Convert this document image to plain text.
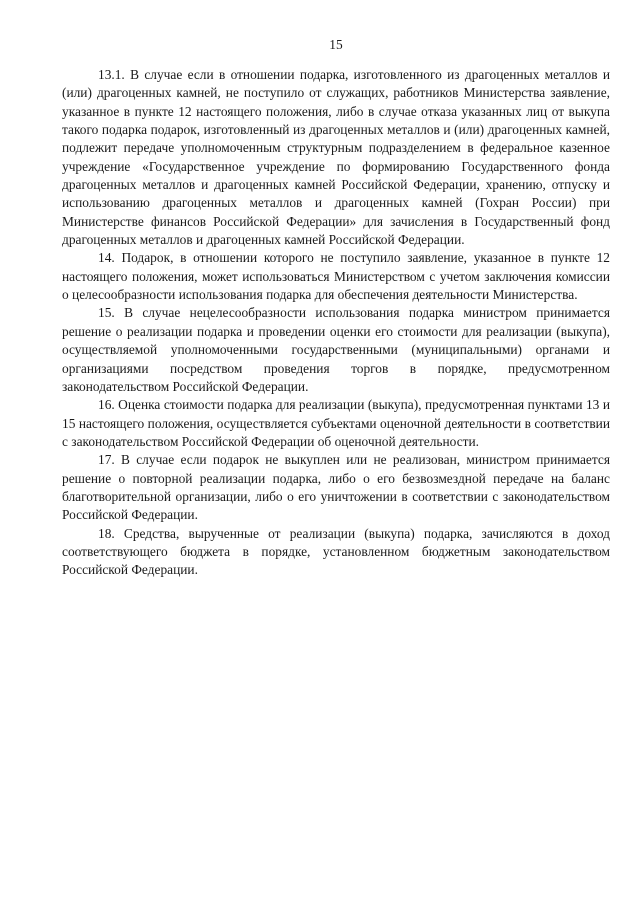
15

13.1. В случае если в отношении подарка, изготовленного из драгоценных металлов и (или) драгоценных камней, не поступило от служащих, работников Министерства заявление, указанное в пункте 12 настоящего положения, либо в случае отказа указанных лиц от выкупа такого подарка подарок, изготовленный из драгоценных металлов и (или) драгоценных камней, подлежит передаче уполномоченным структурным подразделением в федеральное казенное учреждение «Государственное учреждение по формированию Государственного фонда драгоценных металлов и драгоценных камней Российской Федерации, хранению, отпуску и использованию драгоценных металлов и драгоценных камней (Гохран России) при Министерстве финансов Российской Федерации» для зачисления в Государственный фонд драгоценных металлов и драгоценных камней Российской Федерации.

14. Подарок, в отношении которого не поступило заявление, указанное в пункте 12 настоящего положения, может использоваться Министерством с учетом заключения комиссии о целесообразности использования подарка для обеспечения деятельности Министерства.

15. В случае нецелесообразности использования подарка министром принимается решение о реализации подарка и проведении оценки его стоимости для реализации (выкупа), осуществляемой уполномоченными государственными (муниципальными) органами и организациями посредством проведения торгов в порядке, предусмотренном законодательством Российской Федерации.

16. Оценка стоимости подарка для реализации (выкупа), предусмотренная пунктами 13 и 15 настоящего положения, осуществляется субъектами оценочной деятельности в соответствии с законодательством Российской Федерации об оценочной деятельности.

17. В случае если подарок не выкуплен или не реализован, министром принимается решение о повторной реализации подарка, либо о его безвозмездной передаче на баланс благотворительной организации, либо о его уничтожении в соответствии с законодательством Российской Федерации.

18. Средства, вырученные от реализации (выкупа) подарка, зачисляются в доход соответствующего бюджета в порядке, установленном бюджетным законодательством Российской Федерации.
